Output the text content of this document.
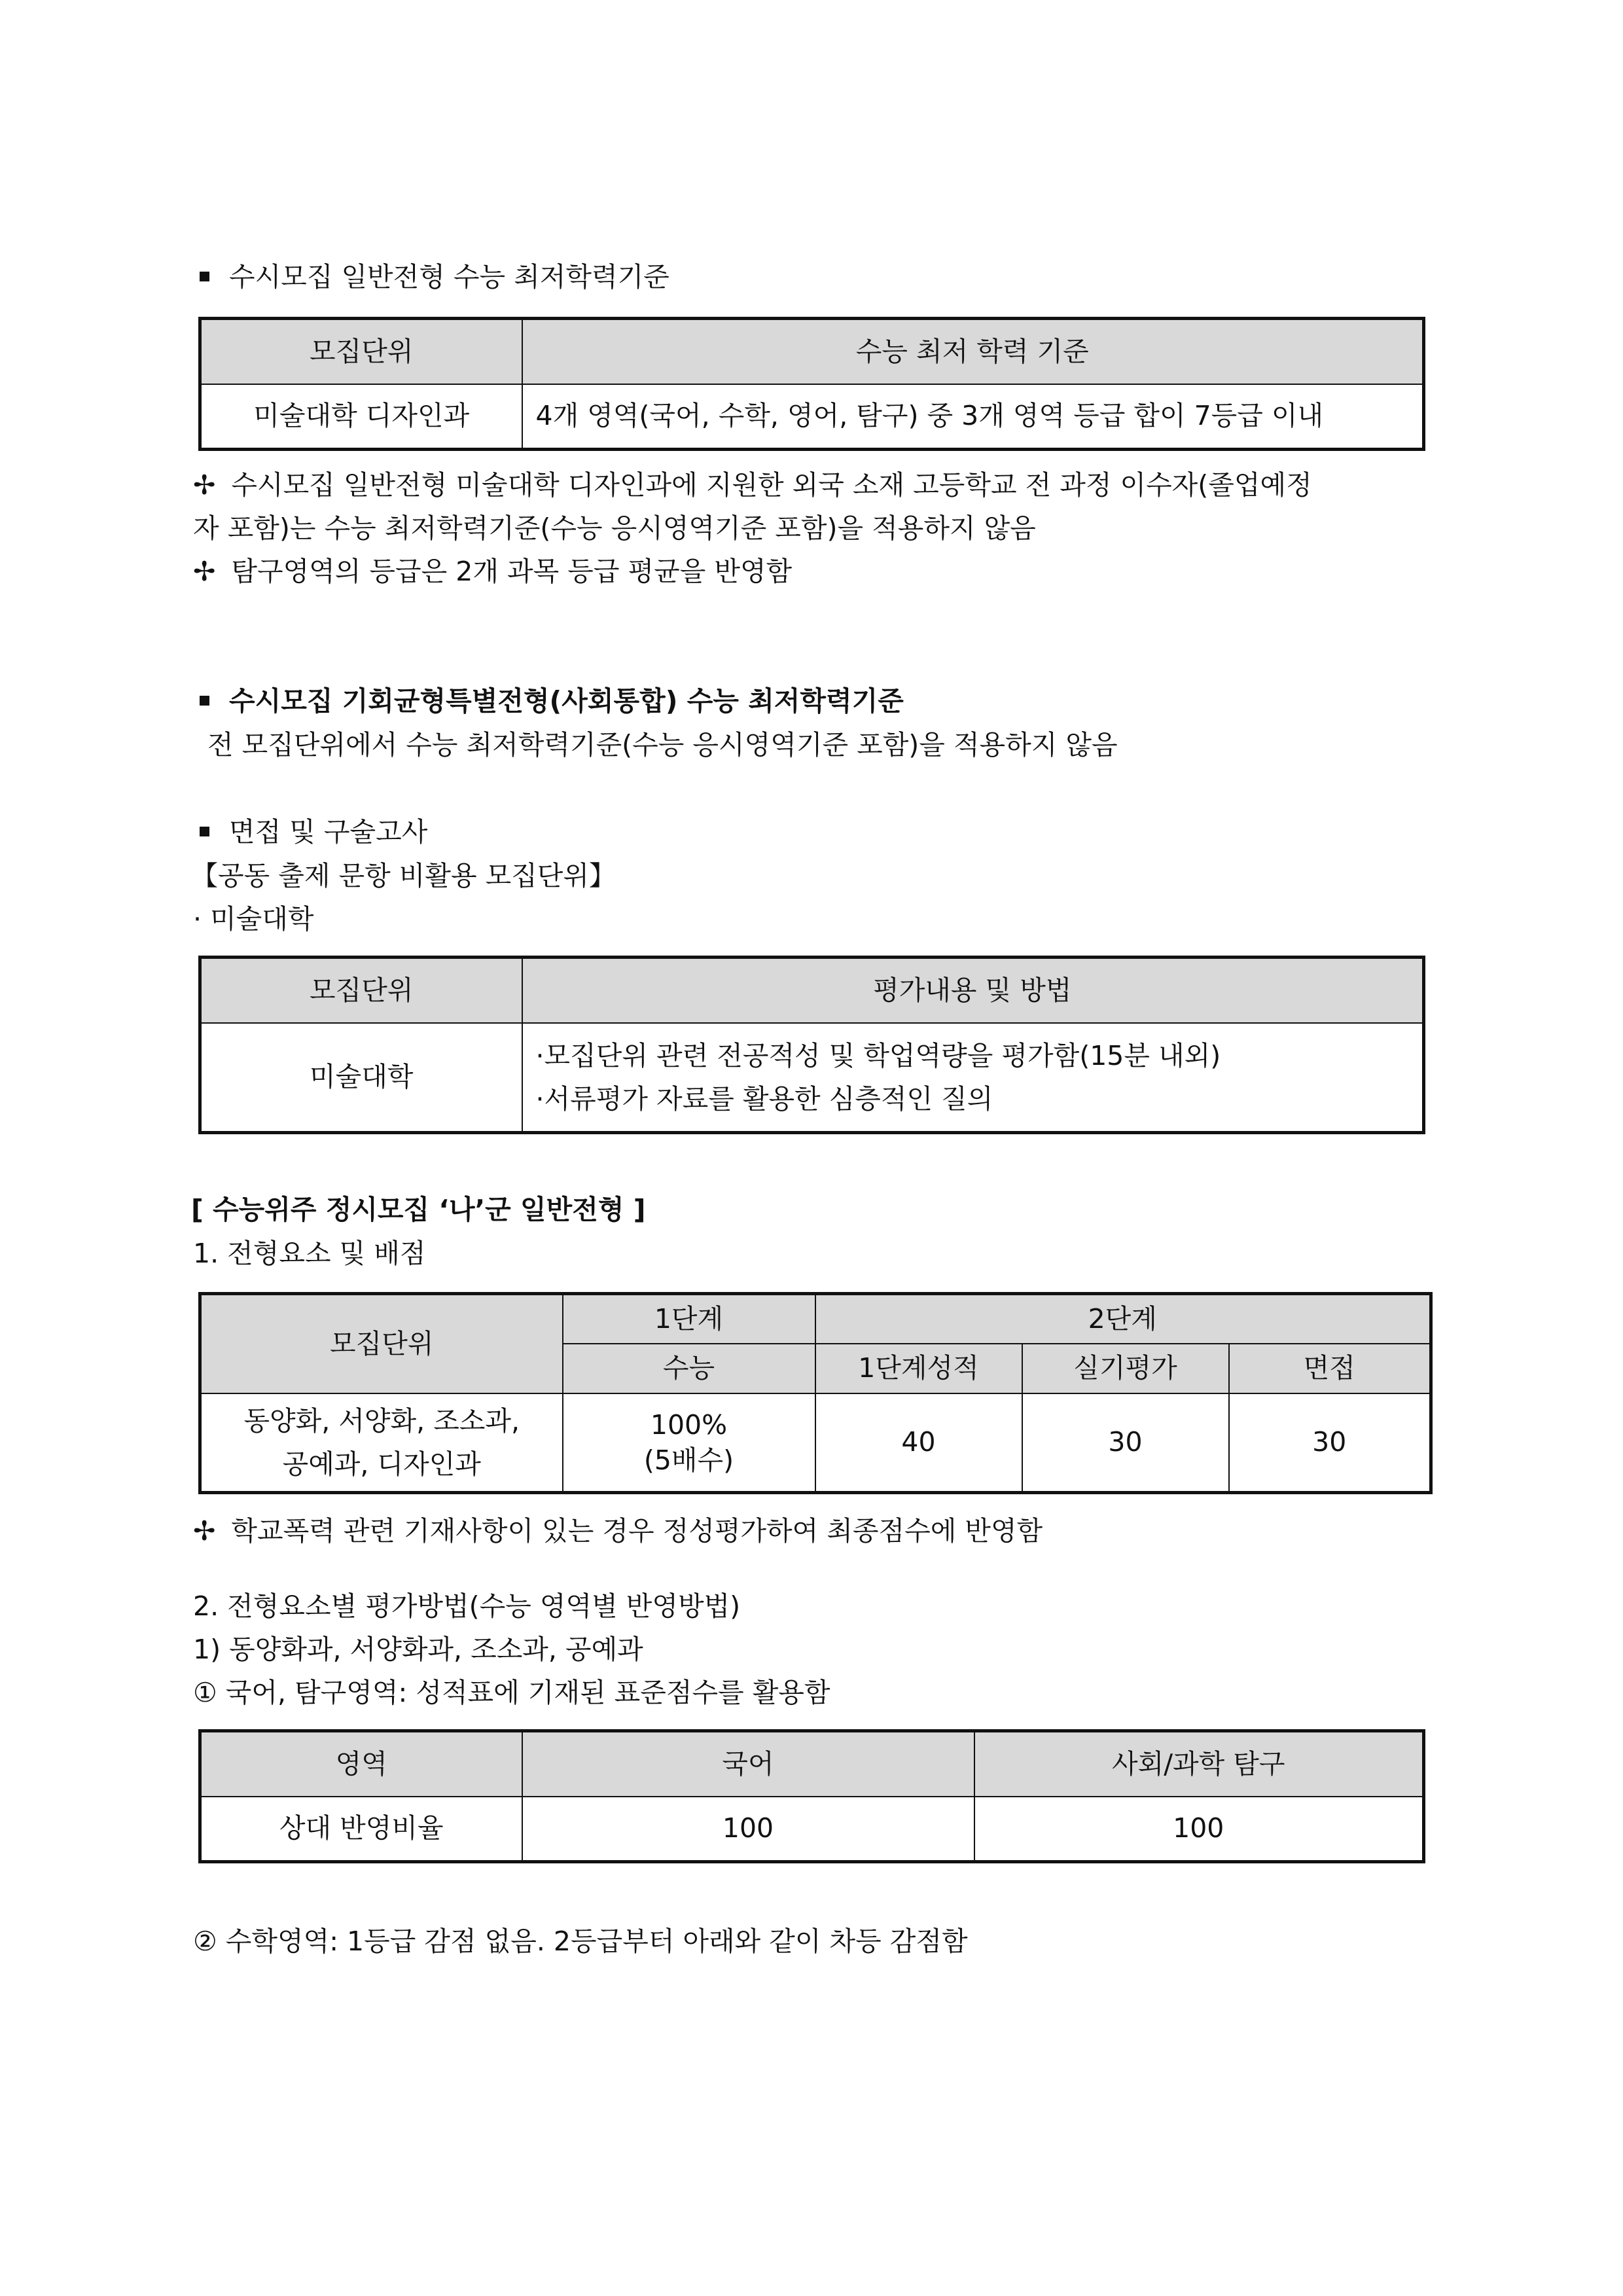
수시모집 일반전형 수능 최저학력기준
모집단위	수능 최저 학력 기준
미술대학 디자인과	4개 영역(국어, 수학, 영어, 탐구) 중 3개 영역 등급 합이 7등급 이내
✢ 수시모집 일반전형 미술대학 디자인과에 지원한 외국 소재 고등학교 전 과정 이수자(졸업예정
자 포함)는 수능 최저학력기준(수능 응시영역기준 포함)을 적용하지 않음
✢ 탐구영역의 등급은 2개 과목 등급 평균을 반영함
수시모집 기회균형특별전형(사회통합) 수능 최저학력기준
전 모집단위에서 수능 최저학력기준(수능 응시영역기준 포함)을 적용하지 않음
면접 및 구술고사
【공동 출제 문항 비활용 모집단위】
· 미술대학
모집단위	평가내용 및 방법
미술대학	·모집단위 관련 전공적성 및 학업역량을 평가함(15분 내외)
·서류평가 자료를 활용한 심층적인 질의
[ 수능위주 정시모집 ‘나’군 일반전형 ]
1. 전형요소 및 배점
모집단위	1단계	2단계		
	수능	1단계성적	실기평가	면접

동양화, 서양화, 조소과,
공예과, 디자인과	100%
(5배수)	40	30	30
✢ 학교폭력 관련 기재사항이 있는 경우 정성평가하여 최종점수에 반영함
2. 전형요소별 평가방법(수능 영역별 반영방법)
1) 동양화과, 서양화과, 조소과, 공예과
① 국어, 탐구영역: 성적표에 기재된 표준점수를 활용함
영역	국어	사회/과학 탐구
상대 반영비율	100	100
② 수학영역: 1등급 감점 없음. 2등급부터 아래와 같이 차등 감점함
